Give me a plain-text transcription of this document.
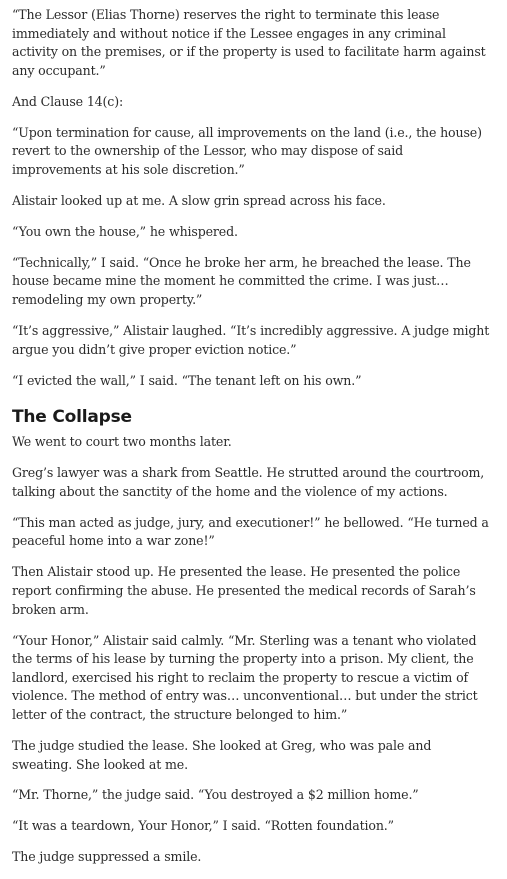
“The Lessor (Elias Thorne) reserves the right to terminate this lease immediately and without notice if the Lessee engages in any criminal activity on the premises, or if the property is used to facilitate harm against any occupant.”

And Clause 14(c):

“Upon termination for cause, all improvements on the land (i.e., the house) revert to the ownership of the Lessor, who may dispose of said improvements at his sole discretion.”

Alistair looked up at me. A slow grin spread across his face.

“You own the house,” he whispered.

“Technically,” I said. “Once he broke her arm, he breached the lease. The house became mine the moment he committed the crime. I was just… remodeling my own property.”

“It’s aggressive,” Alistair laughed. “It’s incredibly aggressive. A judge might argue you didn’t give proper eviction notice.”

“I evicted the wall,” I said. “The tenant left on his own.”

The Collapse

We went to court two months later.

Greg’s lawyer was a shark from Seattle. He strutted around the courtroom, talking about the sanctity of the home and the violence of my actions.

“This man acted as judge, jury, and executioner!” he bellowed. “He turned a peaceful home into a war zone!”

Then Alistair stood up. He presented the lease. He presented the police report confirming the abuse. He presented the medical records of Sarah’s broken arm.

“Your Honor,” Alistair said calmly. “Mr. Sterling was a tenant who violated the terms of his lease by turning the property into a prison. My client, the landlord, exercised his right to reclaim the property to rescue a victim of violence. The method of entry was… unconventional… but under the strict letter of the contract, the structure belonged to him.”

The judge studied the lease. She looked at Greg, who was pale and sweating. She looked at me.

“Mr. Thorne,” the judge said. “You destroyed a $2 million home.”

“It was a teardown, Your Honor,” I said. “Rotten foundation.”

The judge suppressed a smile.
